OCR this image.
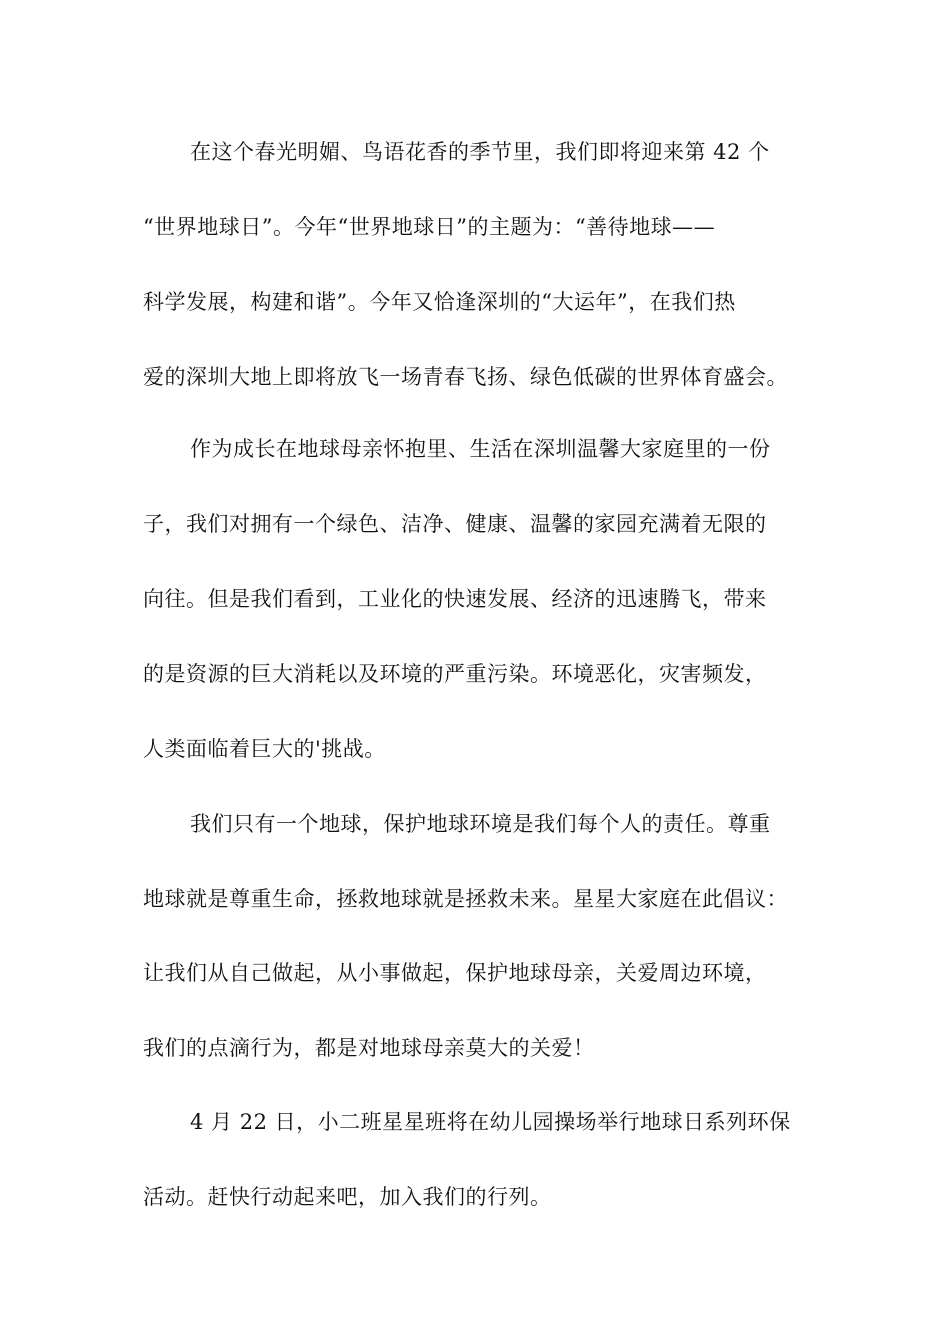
在这个春光明媚、鸟语花香的季节里，我们即将迎来第 42 个
“世界地球日”。今年“世界地球日”的主题为：“善待地球——
科学发展，构建和谐”。今年又恰逢深圳的“大运年”，在我们热
爱的深圳大地上即将放飞一场青春飞扬、绿色低碳的世界体育盛会。
作为成长在地球母亲怀抱里、生活在深圳温馨大家庭里的一份
子，我们对拥有一个绿色、洁净、健康、温馨的家园充满着无限的
向往。但是我们看到，工业化的快速发展、经济的迅速腾飞，带来
的是资源的巨大消耗以及环境的严重污染。环境恶化，灾害频发，
人类面临着巨大的'挑战。
我们只有一个地球，保护地球环境是我们每个人的责任。尊重
地球就是尊重生命，拯救地球就是拯救未来。星星大家庭在此倡议：
让我们从自己做起，从小事做起，保护地球母亲，关爱周边环境，
我们的点滴行为，都是对地球母亲莫大的关爱！
4 月 22 日，小二班星星班将在幼儿园操场举行地球日系列环保
活动。赶快行动起来吧，加入我们的行列。
